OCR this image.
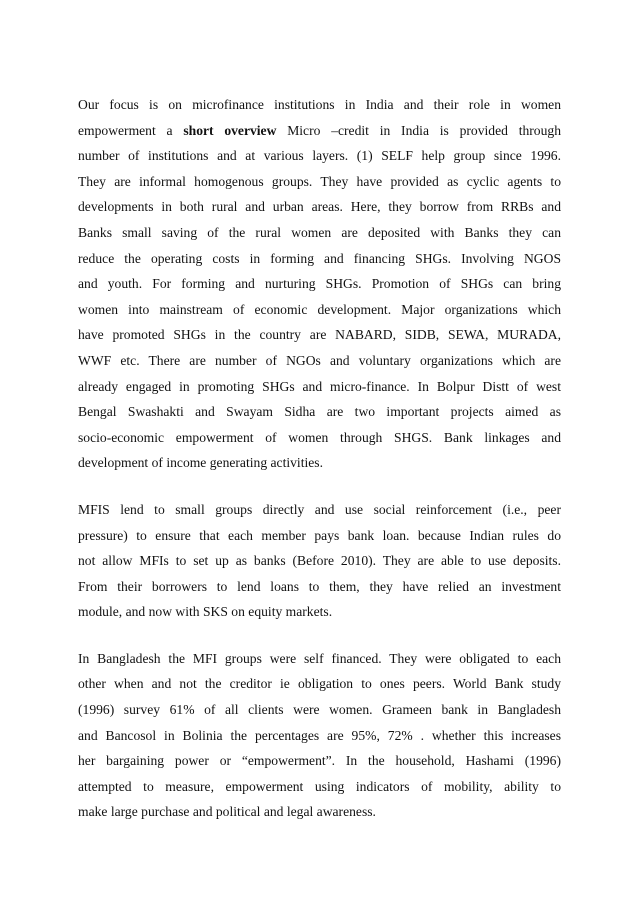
Our focus is on microfinance institutions in India and their role in women
empowerment a short overview Micro –credit in India is provided through
number of institutions and at various layers. (1) SELF help group since 1996.
They are informal homogenous groups. They have provided as cyclic agents to
developments in both rural and urban areas. Here, they borrow from RRBs and
Banks small saving of the rural women are deposited with Banks they can
reduce the operating costs in forming and financing SHGs. Involving NGOS
and youth. For forming and nurturing SHGs. Promotion of SHGs can bring
women into mainstream of economic development. Major organizations which
have promoted SHGs in the country are NABARD, SIDB, SEWA, MURADA,
WWF etc. There are number of NGOs and voluntary organizations which are
already engaged in promoting SHGs and micro-finance. In Bolpur Distt of west
Bengal Swashakti and Swayam Sidha are two important projects aimed as
socio-economic empowerment of women through SHGS. Bank linkages and
development of income generating activities.
MFIS lend to small groups directly and use social reinforcement (i.e., peer
pressure) to ensure that each member pays bank loan. because Indian rules do
not allow MFIs to set up as banks (Before 2010). They are able to use deposits.
From their borrowers to lend loans to them, they have relied an investment
module, and now with SKS on equity markets.
In Bangladesh the MFI groups were self financed. They were obligated to each
other when and not the creditor ie obligation to ones peers. World Bank study
(1996) survey 61% of all clients were women. Grameen bank in Bangladesh
and Bancosol in Bolinia the percentages are 95%, 72% . whether this increases
her bargaining power or “empowerment”. In the household, Hashami (1996)
attempted to measure, empowerment using indicators of mobility, ability to
make large purchase and political and legal awareness.
